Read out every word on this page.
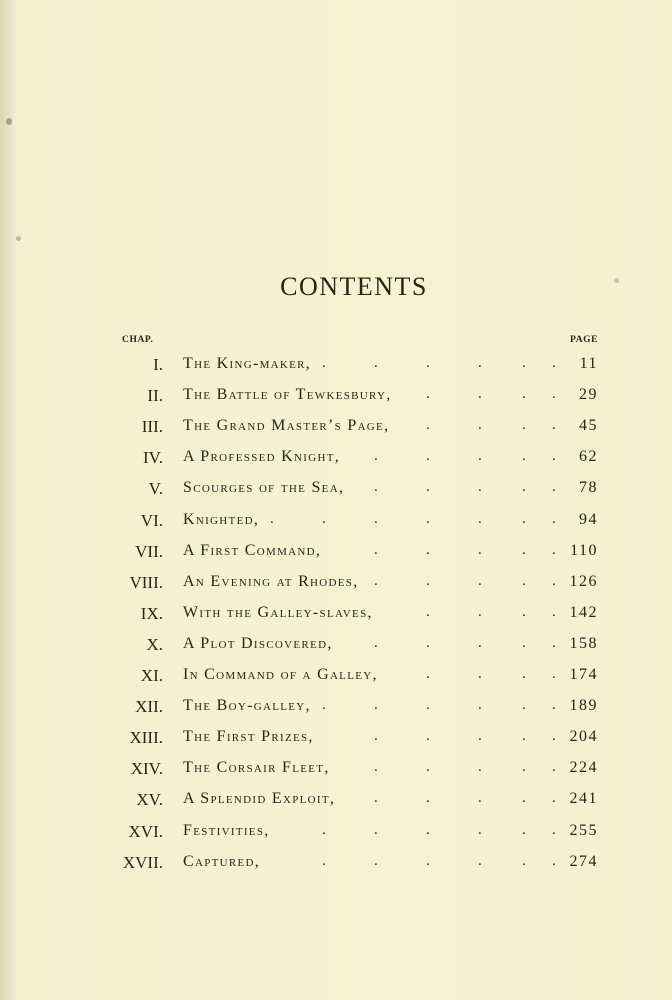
CONTENTS
CHAP.	PAGE
I. The King-maker, .	.	.	.	. . 11
II. The Battle of Tewkesbury, .	.	. . 29
III. The Grand Master’s Page, .	.	. . 45
IV. A Professed Knight, .	.	.	. . 62
V. Scourges of the Sea, .	.	.	. . 78
VI. Knighted, .	.	.	.	.	. . 94
VII. A First Command,	.	.	.	. . 110
VIII. An Evening at Rhodes, .	.	.	. . 126
IX. With the Galley-slaves,	.	.	. . 142
X. A Plot Discovered,	.	.	.	. . 158
XI. In Command of a Galley,	.	.	. . 174
XII. The Boy-galley, .	.	.	.	. . 189
XIII. The First Prizes,	.	.	.	. . 204
XIV. The Corsair Fleet,	.	.	.	. . 224
XV. A Splendid Exploit,	.	.	.	. . 241
XVI. Festivities,	.	.	.	.	. . 255
XVII. Captured,	.	.	.	.	. . 274
